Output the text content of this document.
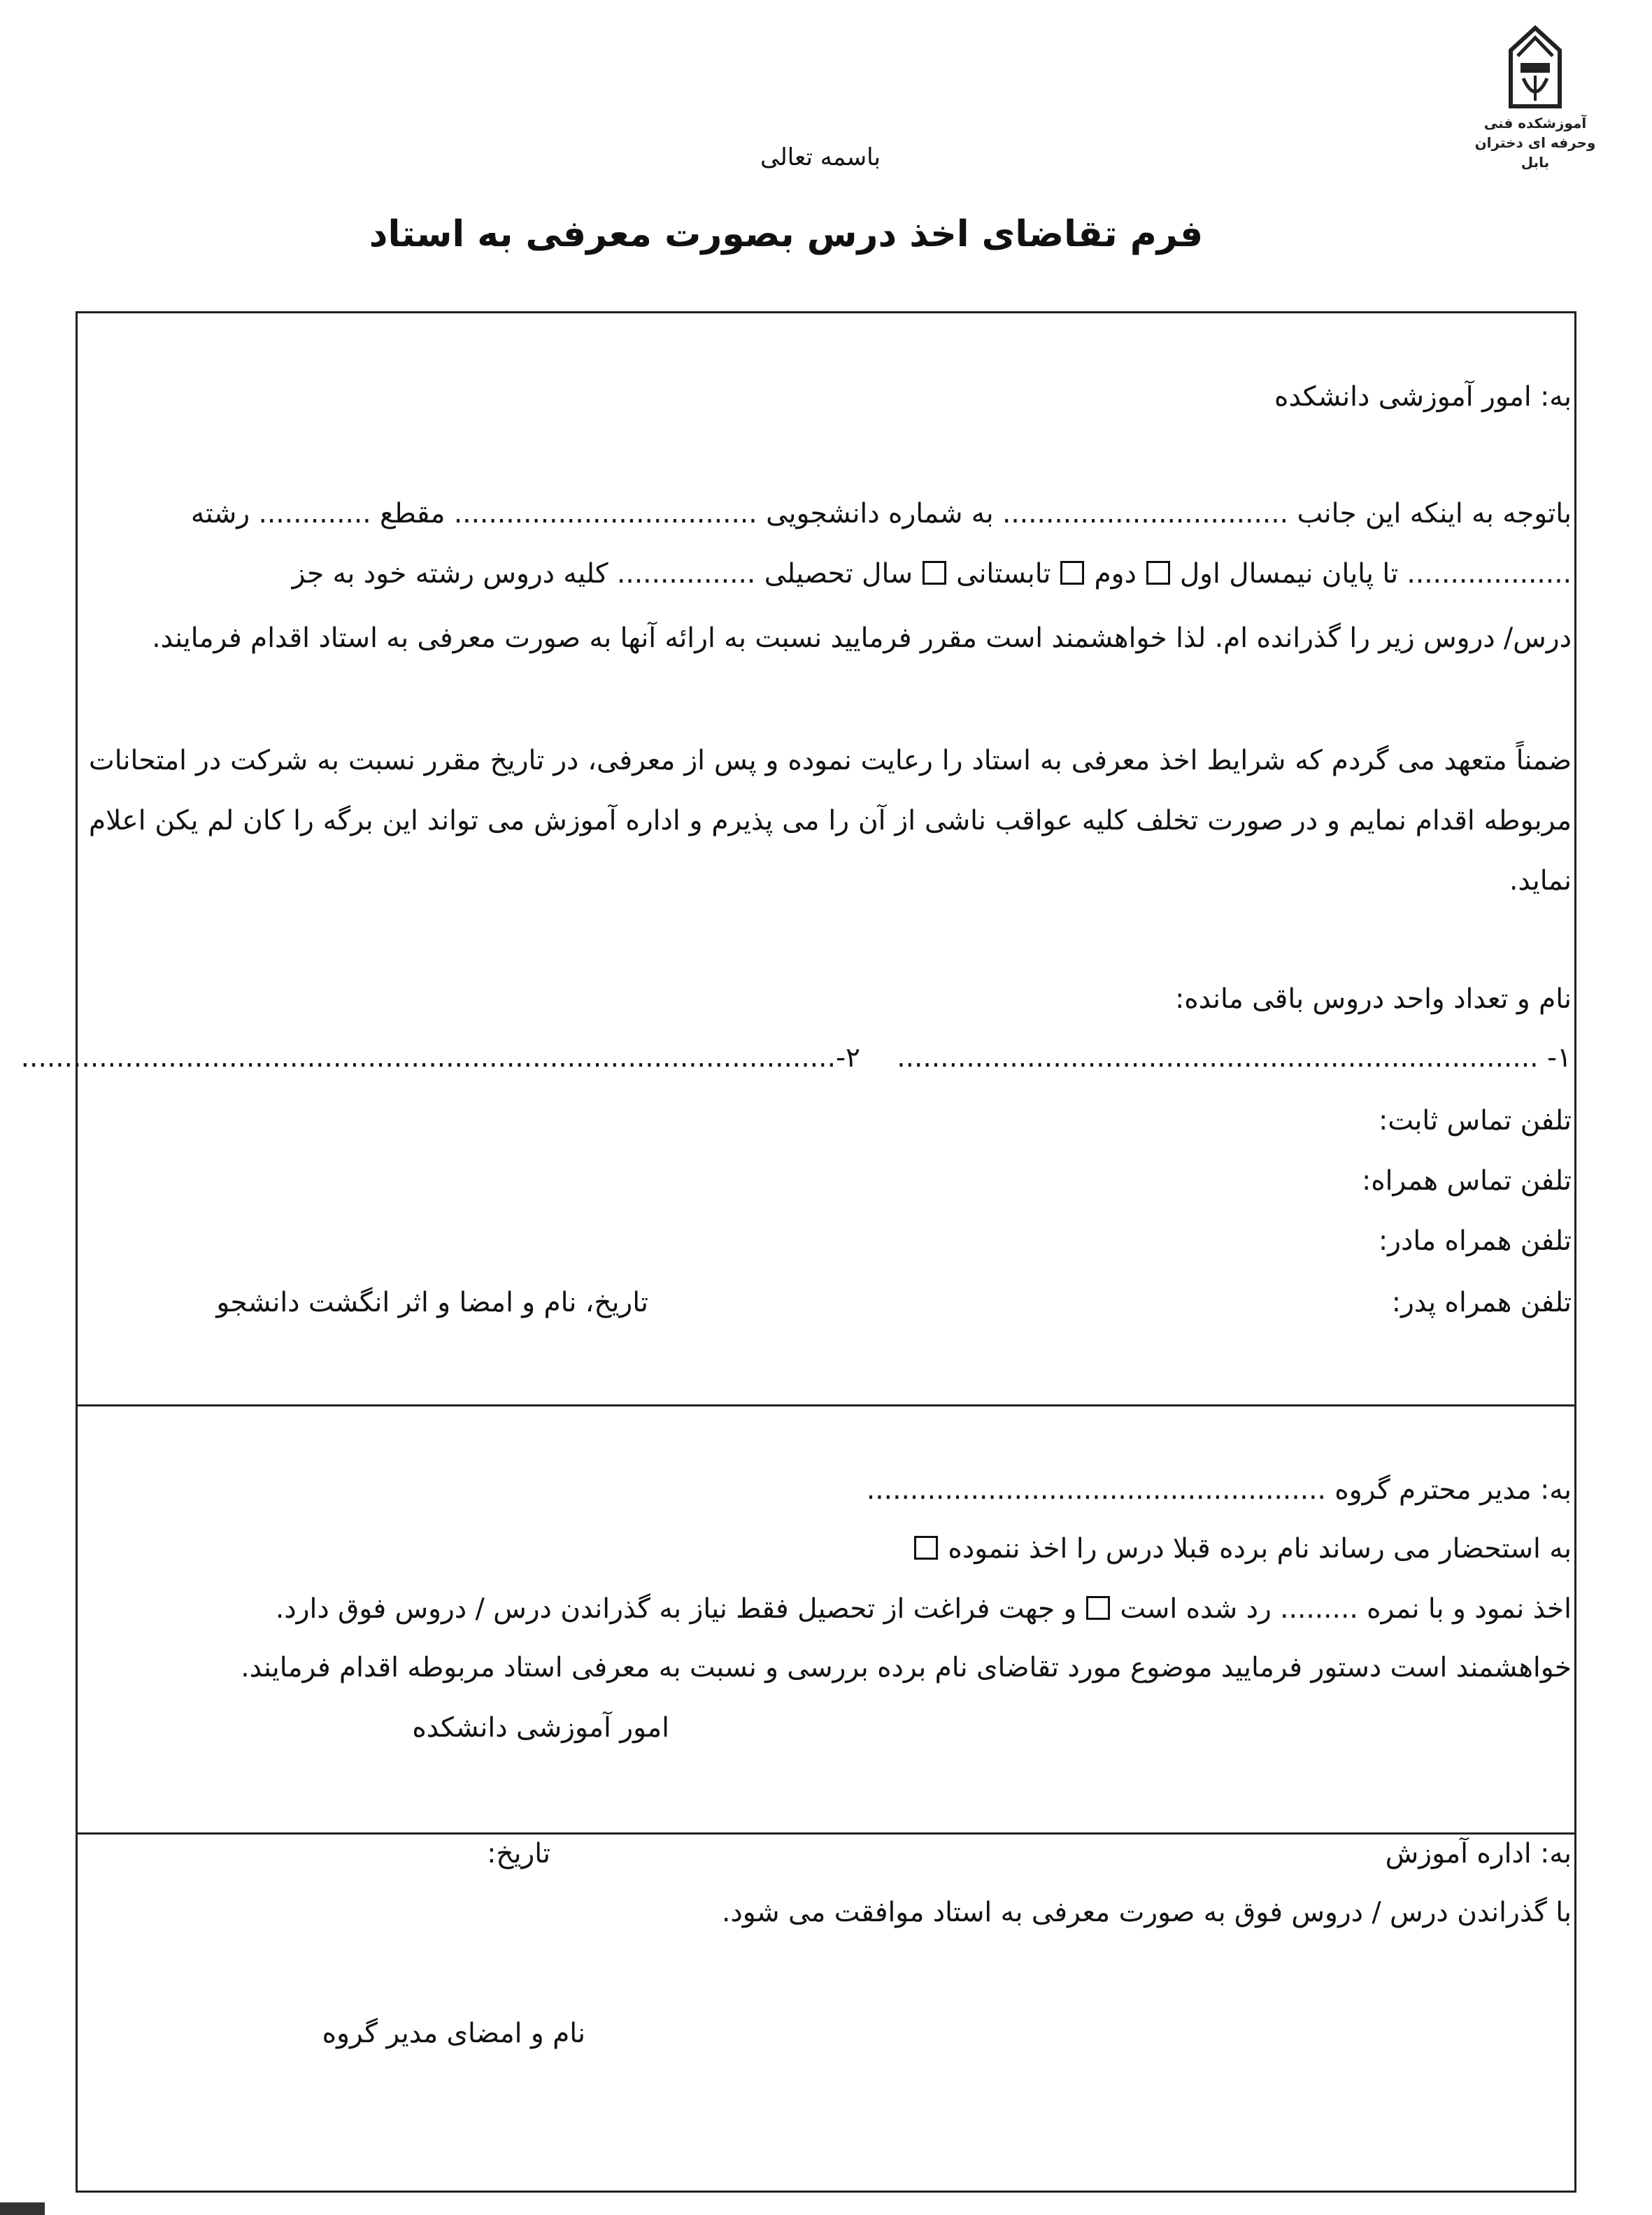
آموزشکده فنی وحرفه ای دختران
بابل
باسمه تعالی
فرم تقاضای اخذ درس بصورت معرفی به استاد
به: امور آموزشی دانشکده
باتوجه به اینکه این جانب ................................. به شماره دانشجویی ................................... مقطع ............. رشته
................... تا پایان نیمسال اولدومتابستانیسال تحصیلی ................ کلیه دروس رشته خود به جز
درس/ دروس زیر را گذرانده ام. لذا خواهشمند است مقرر فرمایید نسبت به ارائه آنها به صورت معرفی به استاد اقدام فرمایند.
ضمناً متعهد می گردم که شرایط اخذ معرفی به استاد را رعایت نموده و پس از معرفی، در تاریخ مقرر نسبت به شرکت در امتحانات مربوطه اقدام نمایم و در صورت تخلف کلیه عواقب ناشی از آن را می پذیرم و اداره آموزش می تواند این برگه را کان لم یکن اعلام نماید.
نام و تعداد واحد دروس باقی مانده:
۱- ..........................................................................
۲-..............................................................................................
تلفن تماس ثابت:
تلفن تماس همراه:
تلفن همراه مادر:
تلفن همراه پدر:
تاریخ، نام و امضا و اثر انگشت دانشجو
به: مدیر محترم گروه .....................................................
به استحضار می رساند نام برده قبلا درس را اخذ ننموده
اخذ نمود و با نمره ......... رد شده استو جهت فراغت از تحصیل فقط نیاز به گذراندن درس / دروس فوق دارد.
خواهشمند است دستور فرمایید موضوع مورد تقاضای نام برده بررسی و نسبت به معرفی استاد مربوطه اقدام فرمایند.
امور آموزشی دانشکده
به: اداره آموزش
تاریخ:
با گذراندن درس / دروس فوق به صورت معرفی به استاد موافقت می شود.
نام و امضای مدیر گروه
